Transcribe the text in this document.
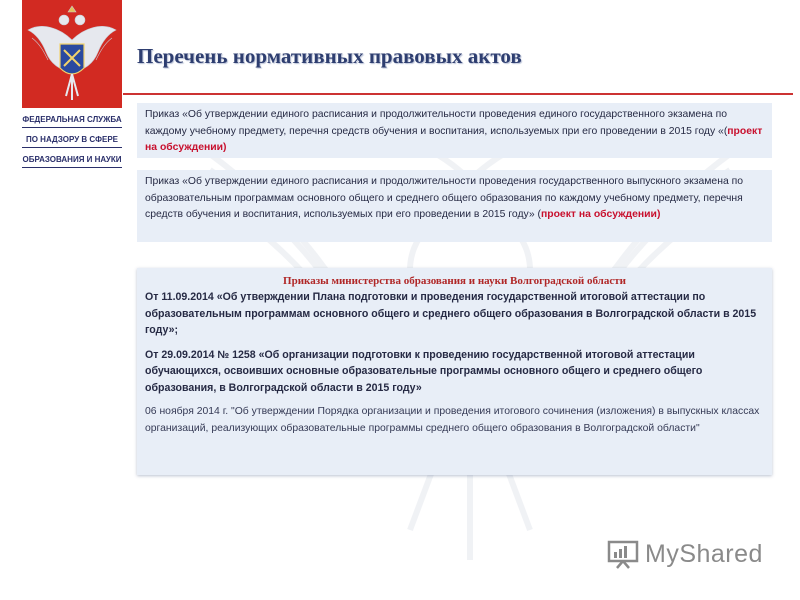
ФЕДЕРАЛЬНАЯ СЛУЖБА
ПО НАДЗОРУ В СФЕРЕ
ОБРАЗОВАНИЯ И НАУКИ
Перечень нормативных правовых актов
Приказ «Об утверждении единого расписания и продолжительности проведения единого государственного экзамена по каждому учебному предмету, перечня средств обучения и воспитания, используемых при его проведении в 2015 году «(проект на обсуждении)
Приказ «Об утверждении единого расписания и продолжительности проведения государственного выпускного экзамена по образовательным программам основного общего и среднего общего образования по каждому учебному предмету, перечня средств обучения и воспитания, используемых при его проведении в 2015 году» (проект на обсуждении)
Приказы министерства образования и науки Волгоградской области
От 11.09.2014 «Об утверждении Плана подготовки и проведения государственной итоговой аттестации по образовательным программам основного общего и среднего общего образования в Волгоградской области в 2015 году»;
От 29.09.2014 № 1258 «Об организации подготовки к проведению государственной итоговой аттестации обучающихся, освоивших основные образовательные программы основного общего и среднего общего образования, в Волгоградской области в 2015 году»
06 ноября 2014 г. "Об утверждении Порядка организации и проведения итогового сочинения (изложения) в выпускных классах организаций, реализующих образовательные программы среднего общего образования в Волгоградской области"
MyShared
